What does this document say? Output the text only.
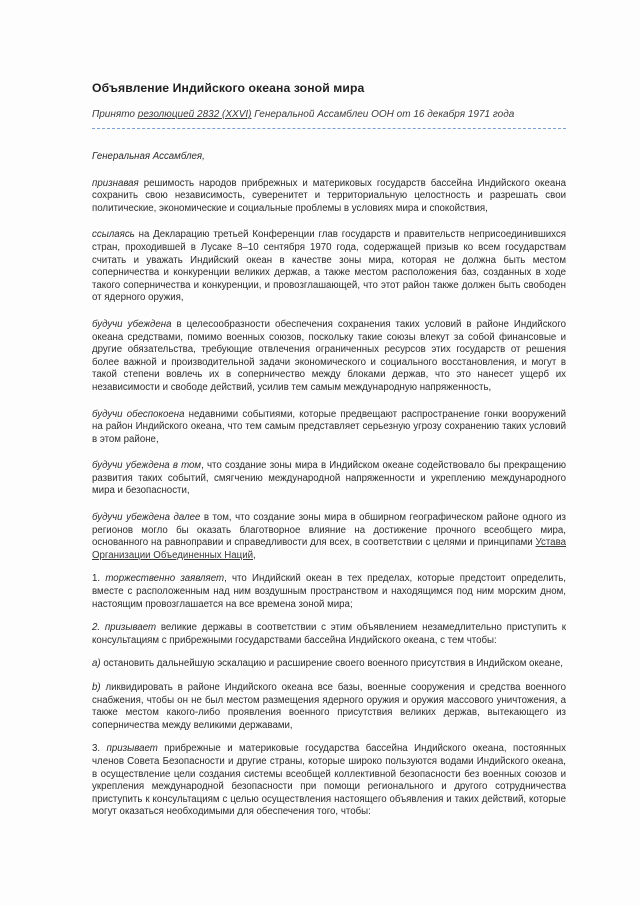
Объявление Индийского океана зоной мира
Принято резолюцией 2832 (XXVI) Генеральной Ассамблеи ООН от 16 декабря 1971 года

Генеральная Ассамблея,

признавая решимость народов прибрежных и материковых государств бассейна Индийского океана сохранить свою независимость, суверенитет и территориальную целостность и разрешать свои политические, экономические и социальные проблемы в условиях мира и спокойствия,

ссылаясь на Декларацию третьей Конференции глав государств и правительств неприсоединившихся стран, проходившей в Лусаке 8–10 сентября 1970 года, содержащей призыв ко всем государствам считать и уважать Индийский океан в качестве зоны мира, которая не должна быть местом соперничества и конкуренции великих держав, а также местом расположения баз, созданных в ходе такого соперничества и конкуренции, и провозглашающей, что этот район также должен быть свободен от ядерного оружия,

будучи убеждена в целесообразности обеспечения сохранения таких условий в районе Индийского океана средствами, помимо военных союзов, поскольку такие союзы влекут за собой финансовые и другие обязательства, требующие отвлечения ограниченных ресурсов этих государств от решения более важной и производительной задачи экономического и социального восстановления, и могут в такой степени вовлечь их в соперничество между блоками держав, что это нанесет ущерб их независимости и свободе действий, усилив тем самым международную напряженность,

будучи обеспокоена недавними событиями, которые предвещают распространение гонки вооружений на район Индийского океана, что тем самым представляет серьезную угрозу сохранению таких условий в этом районе,

будучи убеждена в том, что создание зоны мира в Индийском океане содействовало бы прекращению развития таких событий, смягчению международной напряженности и укреплению международного мира и безопасности,

будучи убеждена далее в том, что создание зоны мира в обширном географическом районе одного из регионов могло бы оказать благотворное влияние на достижение прочного всеобщего мира, основанного на равноправии и справедливости для всех, в соответствии с целями и принципами Устава Организации Объединенных Наций,

1. торжественно заявляет, что Индийский океан в тех пределах, которые предстоит определить, вместе с расположенным над ним воздушным пространством и находящимся под ним морским дном, настоящим провозглашается на все времена зоной мира;

2. призывает великие державы в соответствии с этим объявлением незамедлительно приступить к консультациям с прибрежными государствами бассейна Индийского океана, с тем чтобы:

a) остановить дальнейшую эскалацию и расширение своего военного присутствия в Индийском океане,

b) ликвидировать в районе Индийского океана все базы, военные сооружения и средства военного снабжения, чтобы он не был местом размещения ядерного оружия и оружия массового уничтожения, а также местом какого-либо проявления военного присутствия великих держав, вытекающего из соперничества между великими державами,

3. призывает прибрежные и материковые государства бассейна Индийского океана, постоянных членов Совета Безопасности и другие страны, которые широко пользуются водами Индийского океана, в осуществление цели создания системы всеобщей коллективной безопасности без военных союзов и укрепления международной безопасности при помощи регионального и другого сотрудничества приступить к консультациям с целью осуществления настоящего объявления и таких действий, которые могут оказаться необходимыми для обеспечения того, чтобы:
